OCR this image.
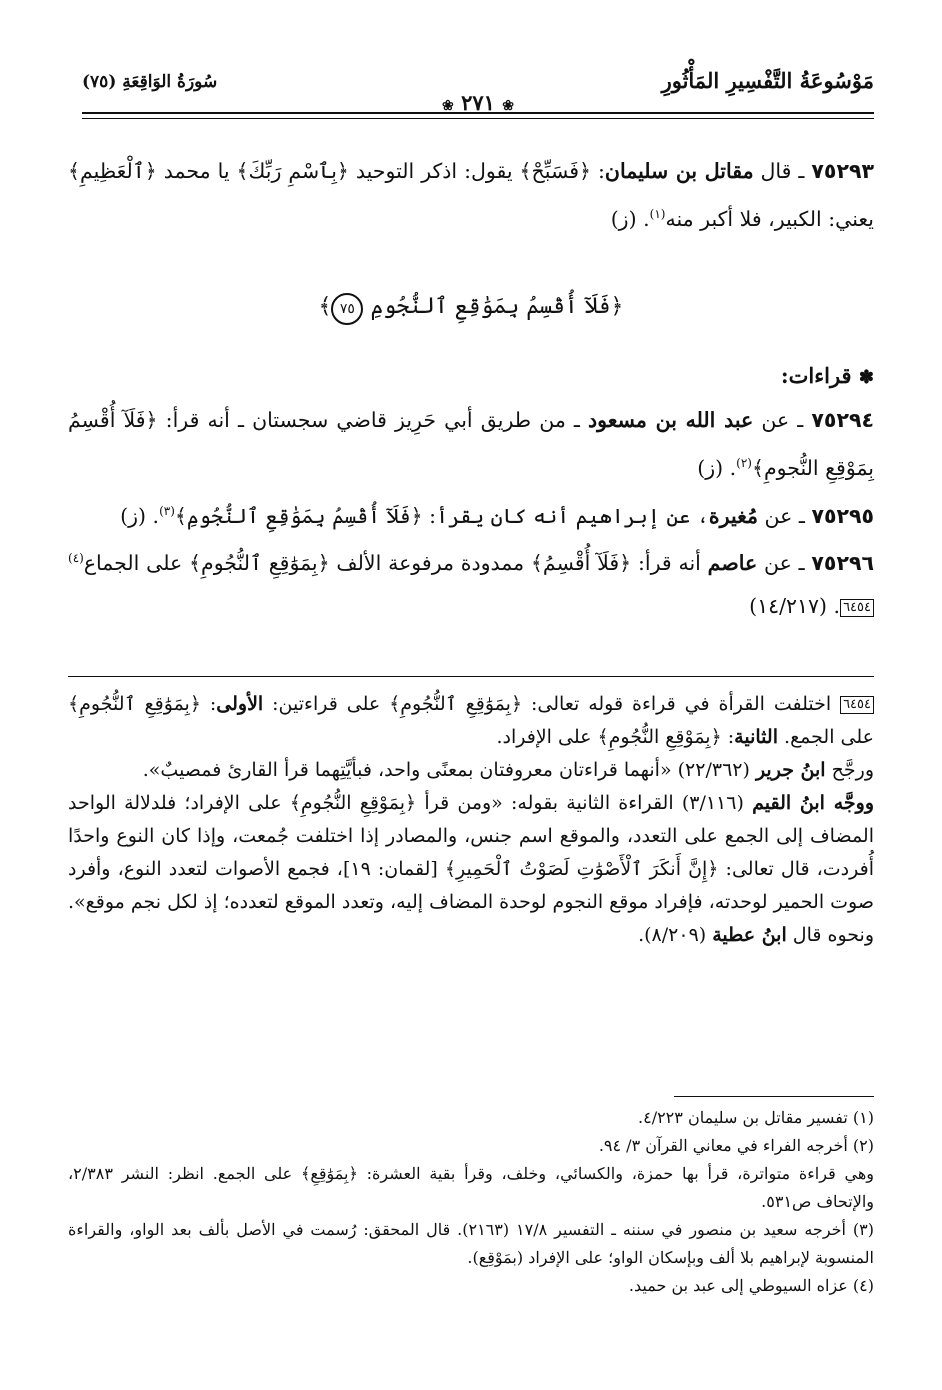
مَوْسُوعَةُ التَّفْسِيرِ المَأْثُورِ
❀ ٢٧١ ❀
سُورَةُ الوَاقِعَةِ (٧٥)

٧٥٢٩٣ ـ قال مقاتل بن سليمان: ﴿فَسَبِّحْ﴾ يقول: اذكر التوحيد ﴿بِٱسْمِ رَبِّكَ﴾ يا محمد ﴿ٱلْعَظِيمِ﴾ يعني: الكبير، فلا أكبر منه$^{(١)}$. (ز)

﴿فَلَآ أُقْسِمُ بِمَوَٰقِعِ ٱلنُّجُومِ ٧٥﴾
✽ قراءات:

٧٥٢٩٤ ـ عن عبد الله بن مسعود ـ من طريق أبي حَرِيز قاضي سجستان ـ أنه قرأ: ﴿فَلَآ أُقْسِمُ بِمَوْقِعِ النُّجومِ﴾$^{(٢)}$. (ز)

٧٥٢٩٥ ـ عن مُغيرة، عن إبراهيم أنه كان يقرأ: ﴿فَلَآ أُقْسِمُ بِمَوَٰقِعِ ٱلنُّجُومِ﴾$^{(٣)}$. (ز)

٧٥٢٩٦ ـ عن عاصم أنه قرأ: ﴿فَلَآ أُقْسِمُ﴾ ممدودة مرفوعة الألف ﴿بِمَوَٰقِعِ ٱلنُّجُومِ﴾ على الجماع$^{(٤)}$٦٤٥٤. (١٤/٢١٧)

٦٤٥٤ اختلفت القرأة في قراءة قوله تعالى: ﴿بِمَوَٰقِعِ ٱلنُّجُومِ﴾ على قراءتين: الأولى: ﴿بِمَوَٰقِعِ ٱلنُّجُومِ﴾ على الجمع. الثانية: ﴿بِمَوْقِعِ النُّجُومِ﴾ على الإفراد.

ورجَّح ابنُ جرير (٢٢/٣٦٢) «أنهما قراءتان معروفتان بمعنًى واحد، فبأيَّتِهما قرأ القارئ فمصيبٌ».

ووجَّه ابنُ القيم (٣/١١٦) القراءة الثانية بقوله: «ومن قرأ ﴿بِمَوْقِعِ النُّجُومِ﴾ على الإفراد؛ فلدلالة الواحد المضاف إلى الجمع على التعدد، والموقع اسم جنس، والمصادر إذا اختلفت جُمعت، وإذا كان النوع واحدًا أُفردت، قال تعالى: ﴿إِنَّ أَنكَرَ ٱلْأَصْوَٰتِ لَصَوْتُ ٱلْحَمِيرِ﴾ [لقمان: ١٩]، فجمع الأصوات لتعدد النوع، وأفرد صوت الحمير لوحدته، فإفراد موقع النجوم لوحدة المضاف إليه، وتعدد الموقع لتعدده؛ إذ لكل نجم موقع».

ونحوه قال ابنُ عطية (٨/٢٠٩).

(١) تفسير مقاتل بن سليمان ٤/٢٢٣.

(٢) أخرجه الفراء في معاني القرآن ٣/ ٩٤.

وهي قراءة متواترة، قرأ بها حمزة، والكسائي، وخلف، وقرأ بقية العشرة: ﴿بِمَوَٰقِعِ﴾ على الجمع. انظر: النشر ٢/٣٨٣، والإتحاف ص٥٣١.

(٣) أخرجه سعيد بن منصور في سننه ـ التفسير ١٧/٨ (٢١٦٣). قال المحقق: رُسمت في الأصل بألف بعد الواو، والقراءة المنسوبة لإبراهيم بلا ألف وبإسكان الواو؛ على الإفراد (بمَوْقِع).

(٤) عزاه السيوطي إلى عبد بن حميد.
